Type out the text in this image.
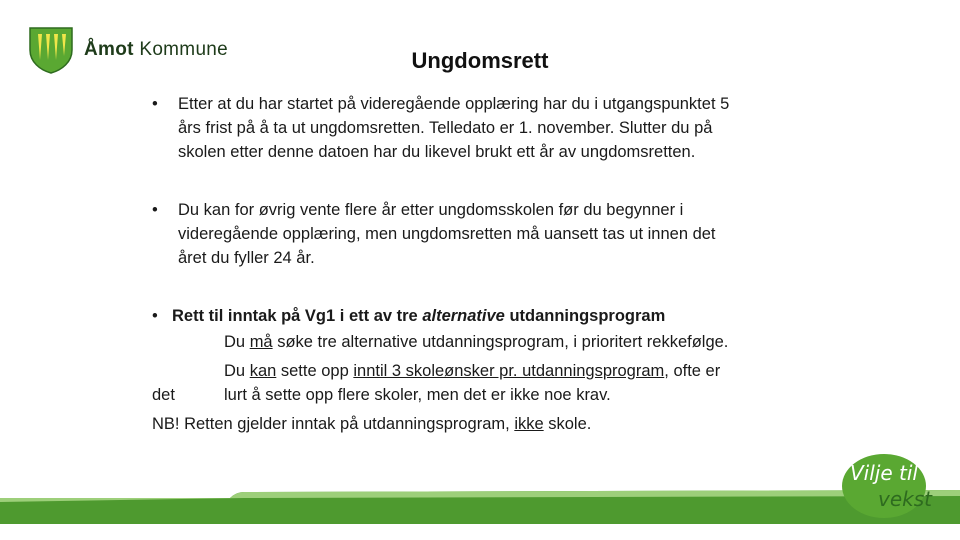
Åmot Kommune	Ungdomsrett
• Etter at du har startet på videregående opplæring har du i utgangspunktet 5
års frist på å ta ut ungdomsretten. Telledato er 1. november. Slutter du på
skolen etter denne datoen har du likevel brukt ett år av ungdomsretten.
• Du kan for øvrig vente flere år etter ungdomsskolen før du begynner i
videregående opplæring, men ungdomsretten må uansett tas ut innen det
året du fyller 24 år.
• Rett til inntak på Vg1 i ett av tre alternative utdanningsprogram
Du må søke tre alternative utdanningsprogram, i prioritert rekkefølge.
Du kan sette opp inntil 3 skoleønsker pr. utdanningsprogram, ofte er
det	lurt å sette opp flere skoler, men det er ikke noe krav.
NB! Retten gjelder inntak på utdanningsprogram, ikke skole.
Vilje til
vekst
